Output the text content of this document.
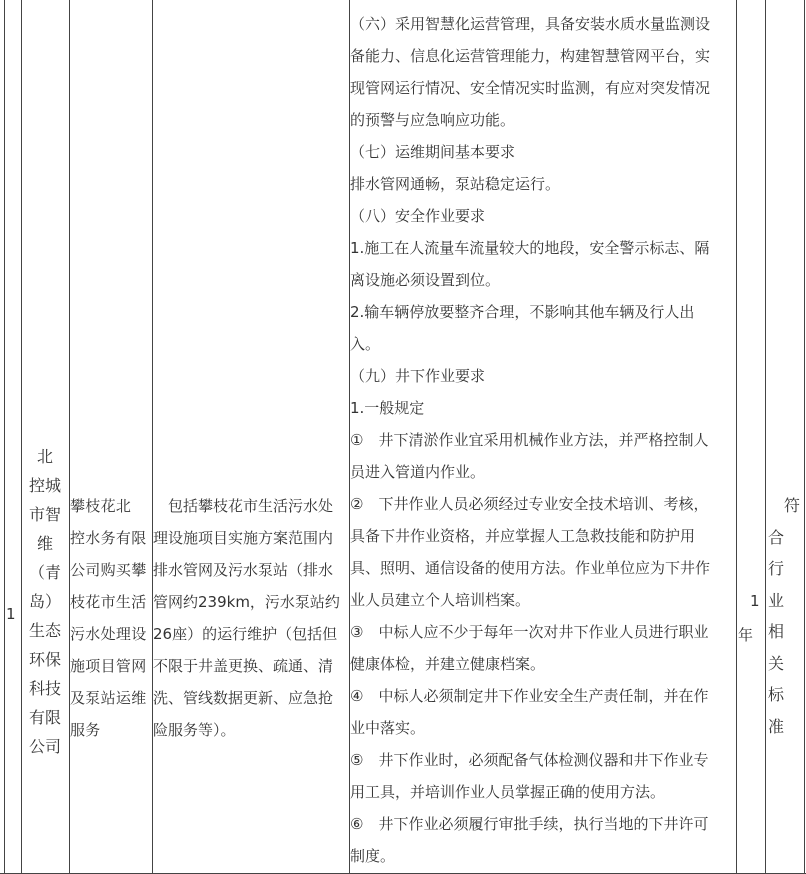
1
北
控城
市智
维
（青
岛）
生态
环保
科技
有限
公司
攀枝花北
控水务有限
公司购买攀
枝花市生活
污水处理设
施项目管网
及泵站运维
服务
　包括攀枝花市生活污水处
理设施项目实施方案范围内
排水管网及污水泵站（排水
管网约239km，污水泵站约
26座）的运行维护（包括但
不限于井盖更换、疏通、清
洗、管线数据更新、应急抢
险服务等）。
（六）采用智慧化运营管理，具备安装水质水量监测设
备能力、信息化运营管理能力，构建智慧管网平台，实
现管网运行情况、安全情况实时监测，有应对突发情况
的预警与应急响应功能。
（七）运维期间基本要求
排水管网通畅，泵站稳定运行。
（八）安全作业要求
1.施工在人流量车流量较大的地段，安全警示标志、隔
离设施必须设置到位。
2.输车辆停放要整齐合理，不影响其他车辆及行人出
入。
（九）井下作业要求
1.一般规定
①　井下清淤作业宜采用机械作业方法，并严格控制人
员进入管道内作业。
②　下井作业人员必须经过专业安全技术培训、考核，
具备下井作业资格，并应掌握人工急救技能和防护用
具、照明、通信设备的使用方法。作业单位应为下井作
业人员建立个人培训档案。
③　中标人应不少于每年一次对井下作业人员进行职业
健康体检，并建立健康档案。
④　中标人必须制定井下作业安全生产责任制，并在作
业中落实。
⑤　井下作业时，必须配备气体检测仪器和井下作业专
用工具，并培训作业人员掌握正确的使用方法。
⑥　井下作业必须履行审批手续，执行当地的下井许可
制度。
1
年
符
合
行
业
相
关
标
准
